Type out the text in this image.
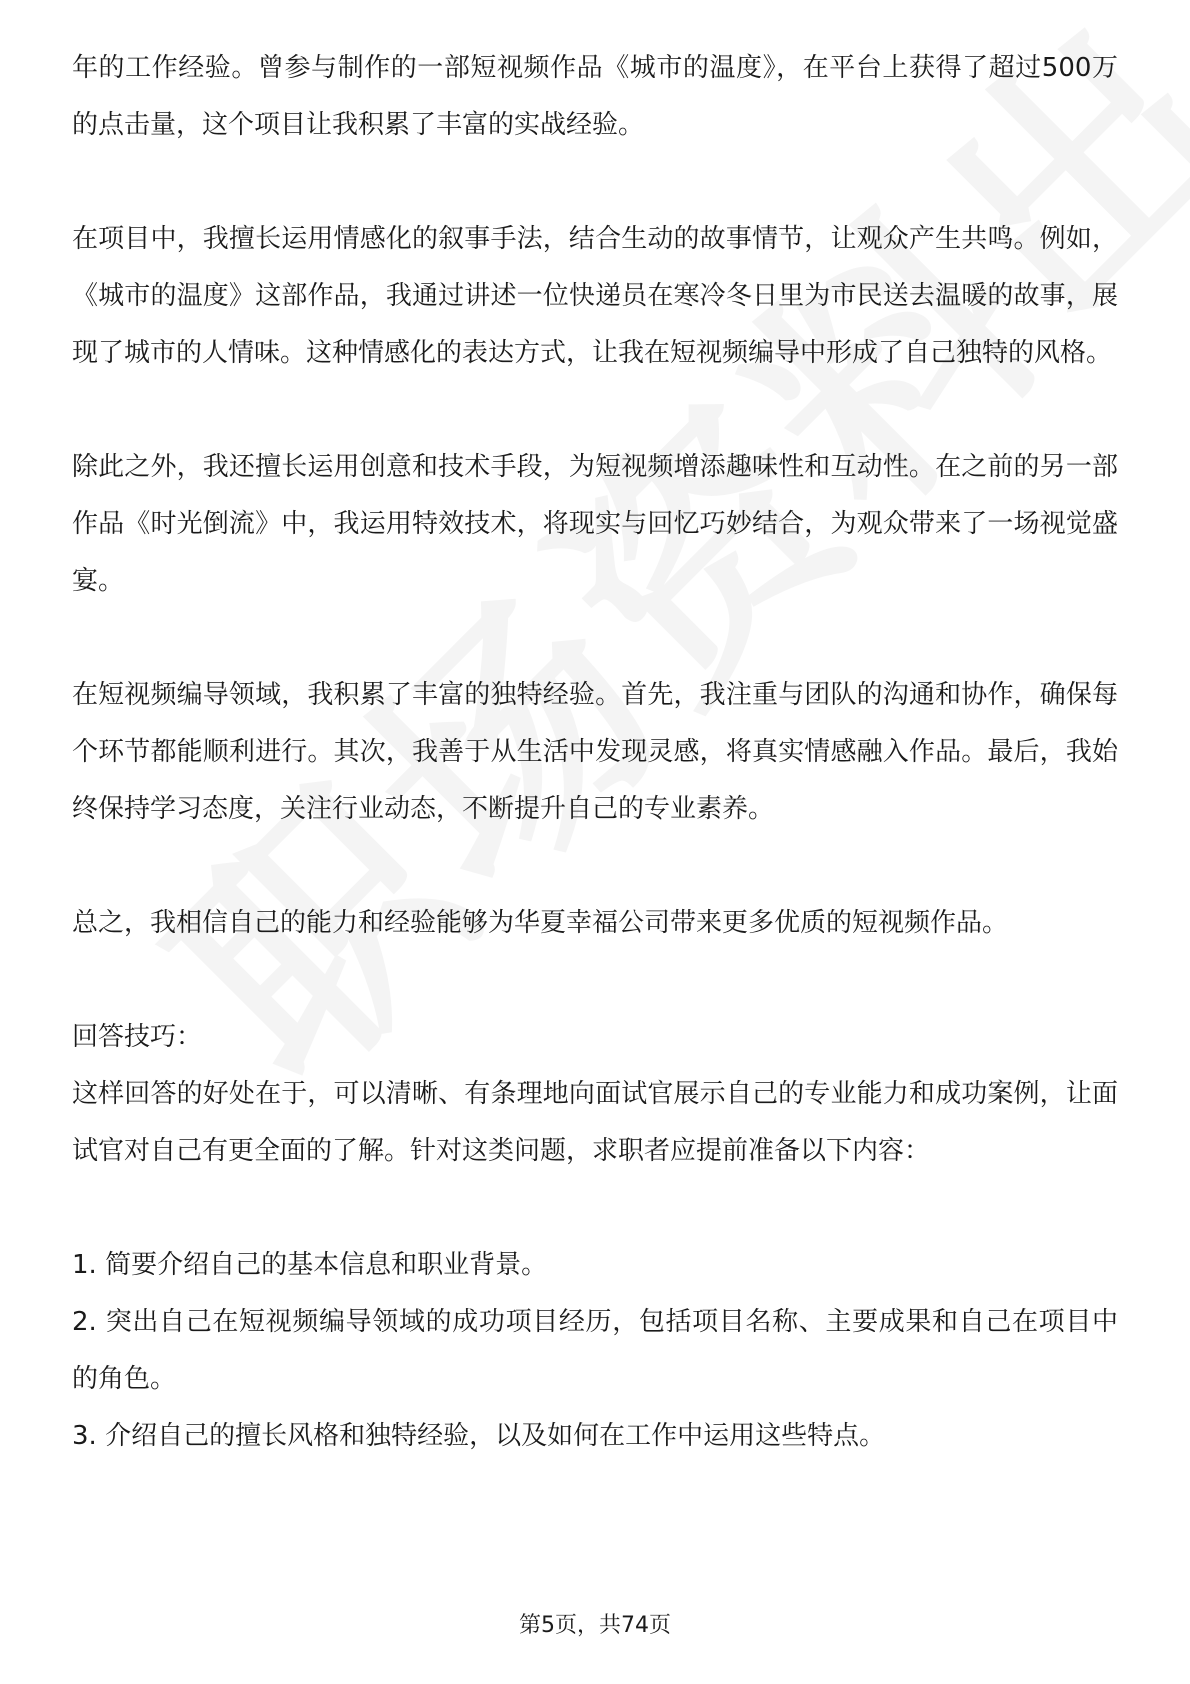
年的工作经验。曾参与制作的一部短视频作品《城市的温度》，在平台上获得了超过500万的点击量，这个项目让我积累了丰富的实战经验。

在项目中，我擅长运用情感化的叙事手法，结合生动的故事情节，让观众产生共鸣。例如，《城市的温度》这部作品，我通过讲述一位快递员在寒冷冬日里为市民送去温暖的故事，展现了城市的人情味。这种情感化的表达方式，让我在短视频编导中形成了自己独特的风格。

除此之外，我还擅长运用创意和技术手段，为短视频增添趣味性和互动性。在之前的另一部作品《时光倒流》中，我运用特效技术，将现实与回忆巧妙结合，为观众带来了一场视觉盛宴。

在短视频编导领域，我积累了丰富的独特经验。首先，我注重与团队的沟通和协作，确保每个环节都能顺利进行。其次，我善于从生活中发现灵感，将真实情感融入作品。最后，我始终保持学习态度，关注行业动态，不断提升自己的专业素养。

总之，我相信自己的能力和经验能够为华夏幸福公司带来更多优质的短视频作品。

回答技巧：

这样回答的好处在于，可以清晰、有条理地向面试官展示自己的专业能力和成功案例，让面试官对自己有更全面的了解。针对这类问题，求职者应提前准备以下内容：

1. 简要介绍自己的基本信息和职业背景。

2. 突出自己在短视频编导领域的成功项目经历，包括项目名称、主要成果和自己在项目中的角色。

3. 介绍自己的擅长风格和独特经验，以及如何在工作中运用这些特点。

第5页，共74页
